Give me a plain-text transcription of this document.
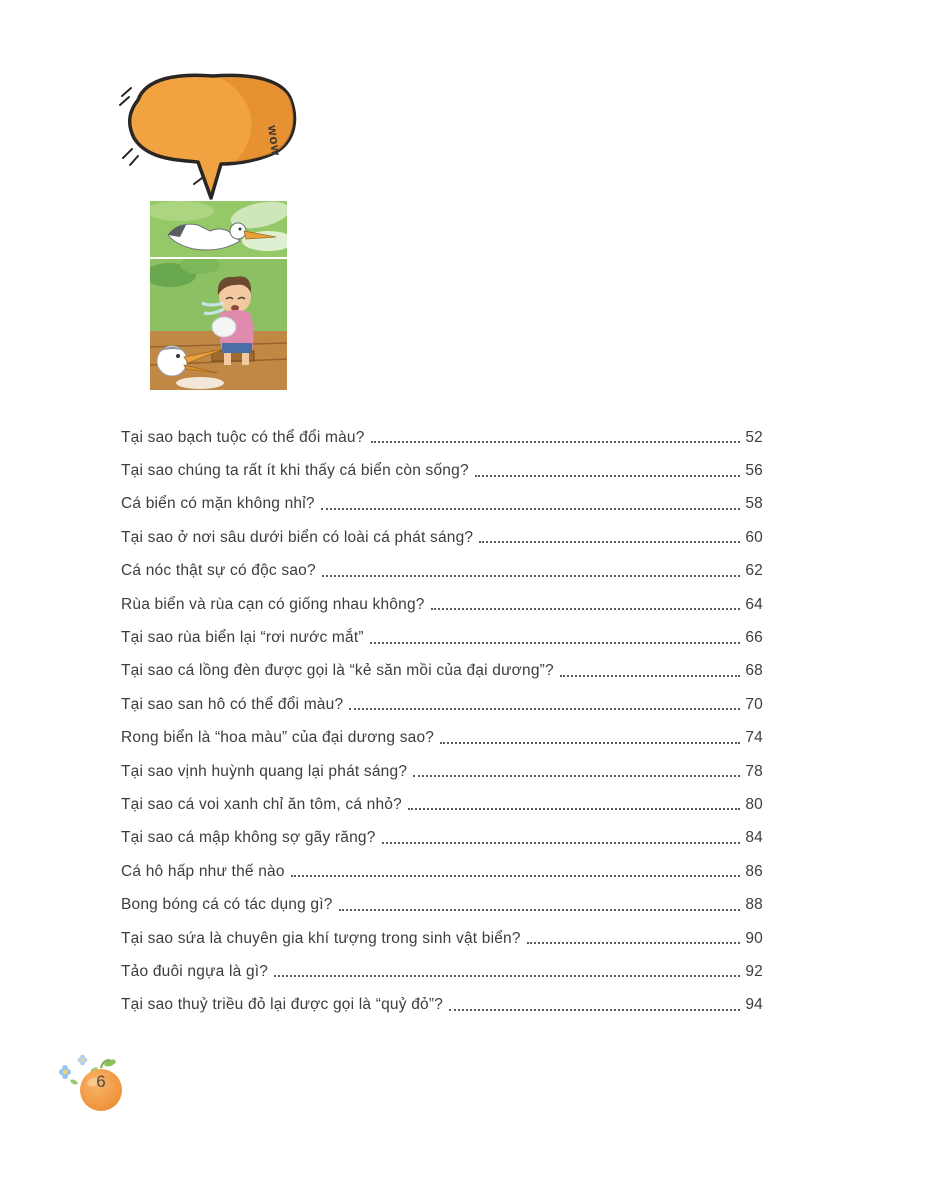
wow
Tại sao bạch tuộc có thể đổi màu?	52
Tại sao chúng ta rất ít khi thấy cá biển còn sống?	56
Cá biển có mặn không nhỉ?	58
Tại sao ở nơi sâu dưới biển có loài cá phát sáng?	60
Cá nóc thật sự có độc sao?	62
Rùa biển và rùa cạn có giống nhau không?	64
Tại sao rùa biển lại “rơi nước mắt”	66
Tại sao cá lồng đèn được gọi là “kẻ săn mồi của đại dương”?	68
Tại sao san hô có thể đổi màu?	70
Rong biển là “hoa màu” của đại dương sao?	74
Tại sao vịnh huỳnh quang lại phát sáng?	78
Tại sao cá voi xanh chỉ ăn tôm, cá nhỏ?	80
Tại sao cá mập không sợ gãy răng?	84
Cá hô hấp như thế nào	86
Bong bóng cá có tác dụng gì?	88
Tại sao sứa là chuyên gia khí tượng trong sinh vật biển?	90
Tảo đuôi ngựa là gì?	92
Tại sao thuỷ triều đỏ lại được gọi là “quỷ đỏ”?	94
6
